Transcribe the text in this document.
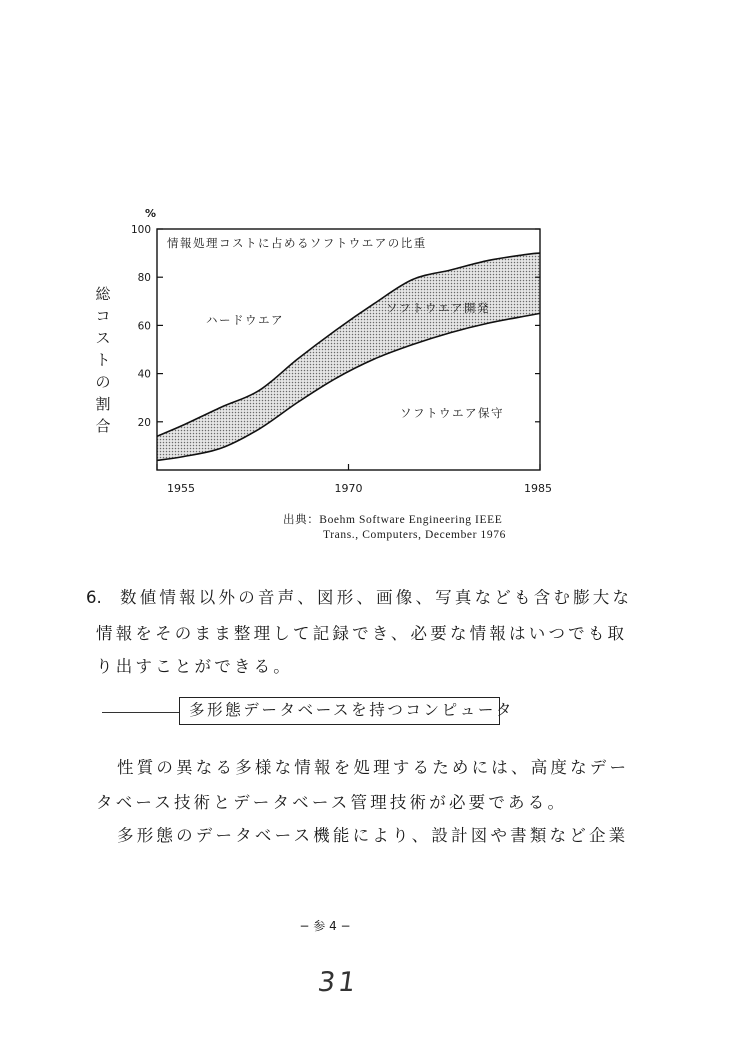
20
40
60
80
100
%
1955	1970	1985
総
コ
ス
ト
の
割
合
情報処理コストに占めるソフトウエアの比重
ハードウエア
ソフトウエア開発
ソフトウエア保守
出典：Boehm Software Engineering IEEE
Trans., Computers, December 1976
6. 数値情報以外の音声、図形、画像、写真なども含む膨大な
情報をそのまま整理して記録でき、必要な情報はいつでも取
り出すことができる。
多形態データベースを持つコンピュータ
性質の異なる多様な情報を処理するためには、高度なデー
タベース技術とデータベース管理技術が必要である。
多形態のデータベース機能により、設計図や書類など企業
− 参 4 −
31
